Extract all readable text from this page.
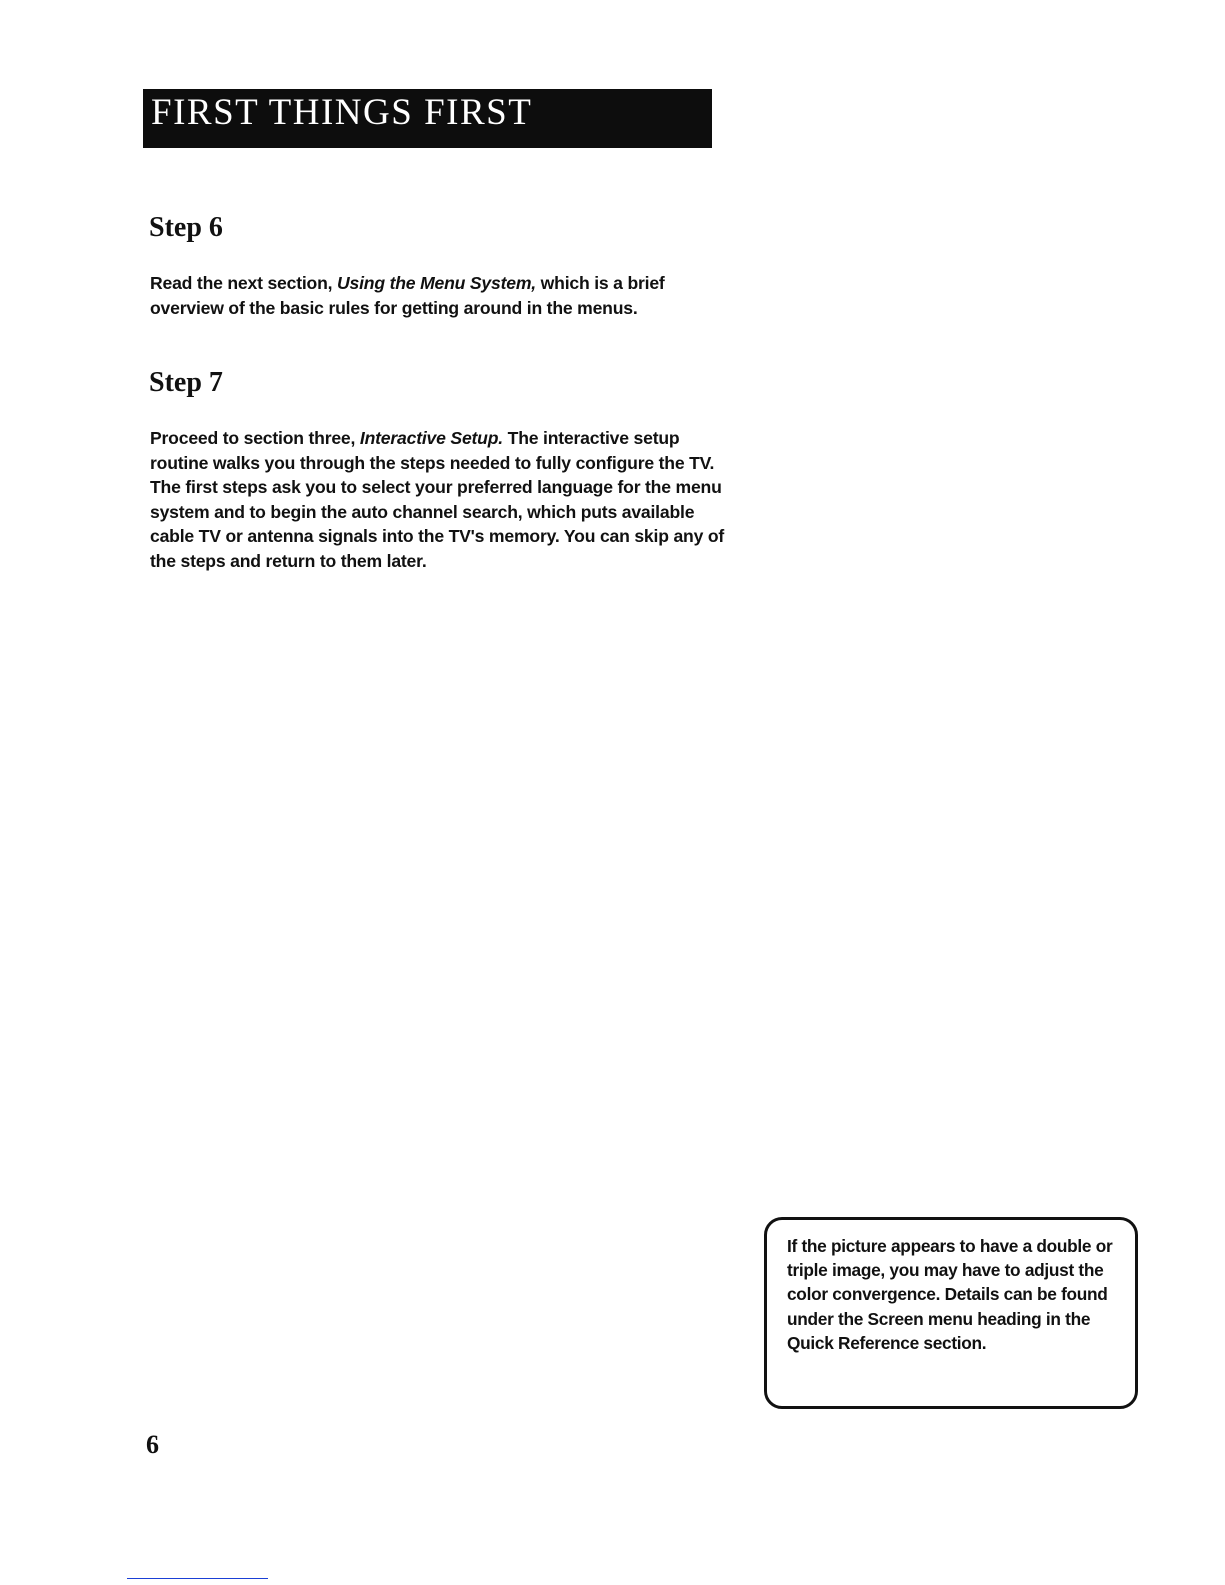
FIRST THINGS FIRST
Step 6

Read the next section, Using the Menu System, which is a brief overview of the basic rules for getting around in the menus.

Step 7

Proceed to section three, Interactive Setup. The interactive setup routine walks you through the steps needed to fully configure the TV. The first steps ask you to select your preferred language for the menu system and to begin the auto channel search, which puts available cable TV or antenna signals into the TV's memory. You can skip any of the steps and return to them later.

If the picture appears to have a double or triple image, you may have to adjust the color convergence. Details can be found under the Screen menu heading in the Quick Reference section.

6
